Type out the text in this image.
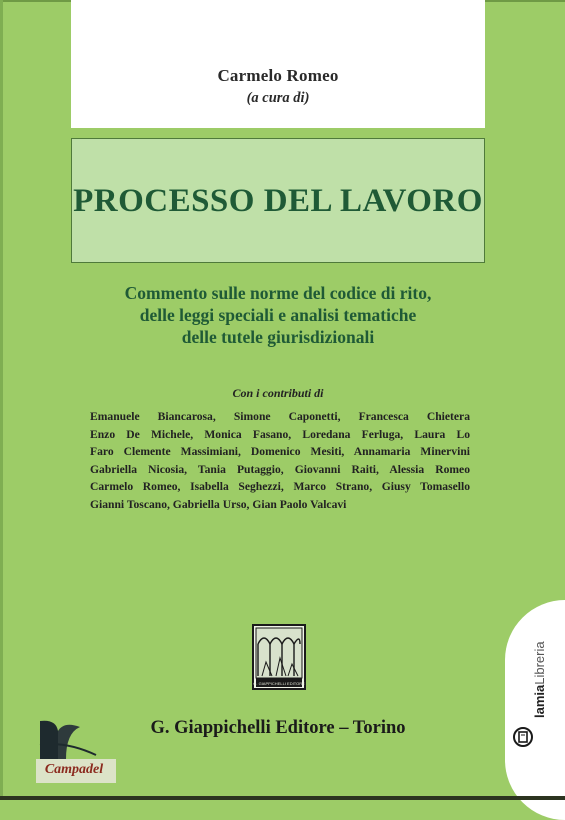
Carmelo Romeo
(a cura di)
PROCESSO DEL LAVORO
Commento sulle norme del codice di rito,
delle leggi speciali e analisi tematiche
delle tutele giurisdizionali
Con i contributi di
Emanuele Biancarosa, Simone Caponetti, Francesca Chietera
Enzo De Michele, Monica Fasano, Loredana Ferluga, Laura Lo
Faro Clemente Massimiani, Domenico Mesiti, Annamaria Minervini
Gabriella Nicosia, Tania Putaggio, Giovanni Raiti, Alessia Romeo
Carmelo Romeo, Isabella Seghezzi, Marco Strano, Giusy Tomasello
Gianni Toscano, Gabriella Urso, Gian Paolo Valcavi
G. GIAPPICHELLI EDITORE
G. Giappichelli Editore – Torino
Campadel
lamiaLibreria
